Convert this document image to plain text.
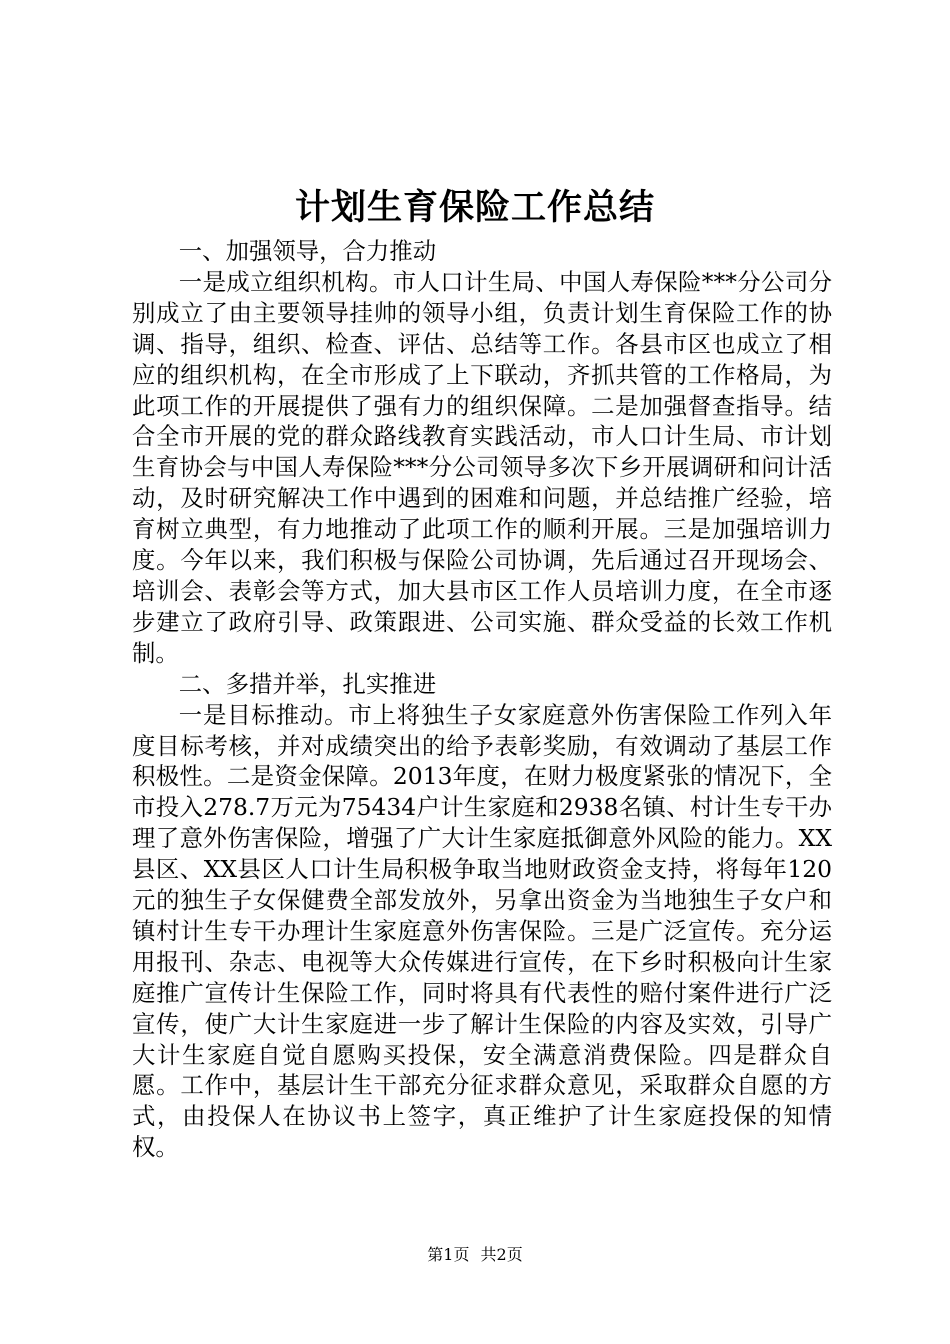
计划生育保险工作总结

一、加强领导，合力推动

一是成立组织机构。市人口计生局、中国人寿保险***分公司分别成立了由主要领导挂帅的领导小组，负责计划生育保险工作的协调、指导，组织、检查、评估、总结等工作。各县市区也成立了相应的组织机构，在全市形成了上下联动，齐抓共管的工作格局，为此项工作的开展提供了强有力的组织保障。二是加强督查指导。结合全市开展的党的群众路线教育实践活动，市人口计生局、市计划生育协会与中国人寿保险***分公司领导多次下乡开展调研和问计活动，及时研究解决工作中遇到的困难和问题，并总结推广经验，培育树立典型，有力地推动了此项工作的顺利开展。三是加强培训力度。今年以来，我们积极与保险公司协调，先后通过召开现场会、培训会、表彰会等方式，加大县市区工作人员培训力度，在全市逐步建立了政府引导、政策跟进、公司实施、群众受益的长效工作机制。

二、多措并举，扎实推进

一是目标推动。市上将独生子女家庭意外伤害保险工作列入年度目标考核，并对成绩突出的给予表彰奖励，有效调动了基层工作积极性。二是资金保障。2013年度，在财力极度紧张的情况下，全市投入278.7万元为75434户计生家庭和2938名镇、村计生专干办理了意外伤害保险，增强了广大计生家庭抵御意外风险的能力。XX县区、XX县区人口计生局积极争取当地财政资金支持，将每年120元的独生子女保健费全部发放外，另拿出资金为当地独生子女户和镇村计生专干办理计生家庭意外伤害保险。三是广泛宣传。充分运用报刊、杂志、电视等大众传媒进行宣传，在下乡时积极向计生家庭推广宣传计生保险工作，同时将具有代表性的赔付案件进行广泛宣传，使广大计生家庭进一步了解计生保险的内容及实效，引导广大计生家庭自觉自愿购买投保，安全满意消费保险。四是群众自愿。工作中，基层计生干部充分征求群众意见，采取群众自愿的方式，由投保人在协议书上签字，真正维护了计生家庭投保的知情权。

第1页 共2页
